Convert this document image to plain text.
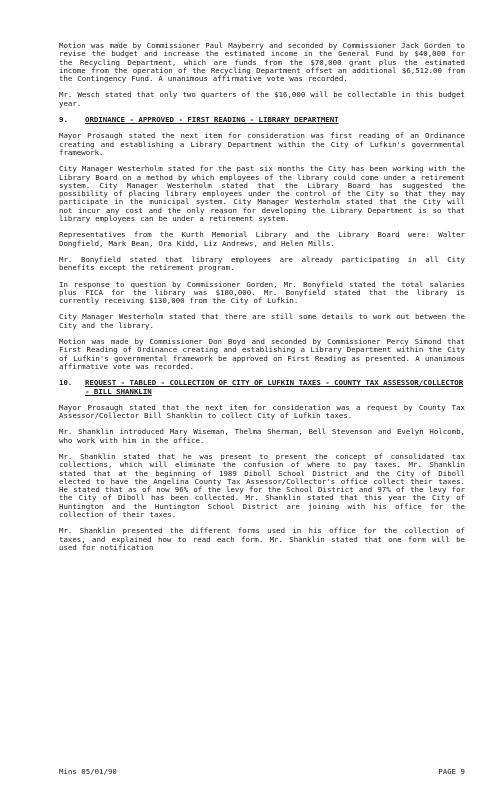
Motion was made by Commissioner Paul Mayberry and seconded by Commissioner Jack Gorden to revise the budget and increase the estimated income in the General Fund by $40,000 for the Recycling Department, which are funds from the $70,000 grant plus the estimated income from the operation of the Recycling Department offset an additional $6,512.00 from the Contingency Fund. A unanimous affirmative vote was recorded.

Mr. Wesch stated that only two quarters of the $16,000 will be collectable in this budget year.

9.	ORDINANCE - APPROVED - FIRST READING - LIBRARY DEPARTMENT

Mayor Prosaugh stated the next item for consideration was first reading of an Ordinance creating and establishing a Library Department within the City of Lufkin's governmental framework.

City Manager Westerholm stated for the past six months the City has been working with the Library Board on a method by which employees of the library could come under a retirement system. City Manager Westerholm stated that the Library Board has suggested the possibility of placing library employees under the control of the City so that they may participate in the municipal system. City Manager Westerholm stated that the City will not incur any cost and the only reason for developing the Library Department is so that library employees can be under a retirement system.

Representatives from the Kurth Memorial Library and the Library Board were: Walter Dongfield, Mark Bean, Ora Kidd, Liz Andrews, and Helen Mills.

Mr. Bonyfield stated that library employees are already participating in all City benefits except the retirement program.

In response to question by Commissioner Gorden, Mr. Bonyfield stated the total salaries plus FICA for the library was $180,000. Mr. Bonyfield stated that the library is currently receiving $130,000 from the City of Lufkin.

City Manager Westerholm stated that there are still some details to work out between the City and the library.

Motion was made by Commissioner Don Boyd and seconded by Commissioner Percy Simond that First Reading of Ordinance creating and establishing a Library Department within the City of Lufkin's governmental framework be approved on First Reading as presented. A unanimous affirmative vote was recorded.

10.	REQUEST - TABLED - COLLECTION OF CITY OF LUFKIN TAXES - COUNTY TAX ASSESSOR/COLLECTOR - BILL SHANKLIN

Mayor Prosaugh stated that the next item for consideration was a request by County Tax Assessor/Collector Bill Shanklin to collect City of Lufkin taxes.

Mr. Shanklin introduced Mary Wiseman, Thelma Sherman, Bell Stevenson and Evelyn Holcomb, who work with him in the office.

Mr. Shanklin stated that he was present to present the concept of consolidated tax collections, which will eliminate the confusion of where to pay taxes. Mr. Shanklin stated that at the beginning of 1989 Diboll School District and the City of Diboll elected to have the Angelina County Tax Assessor/Collector's office collect their taxes. He stated that as of now 96% of the levy for the School District and 97% of the levy for the City of Diboll has been collected. Mr. Shanklin stated that this year the City of Huntington and the Huntington School District are joining with his office for the collection of their taxes.

Mr. Shanklin presented the different forms used in his office for the collection of taxes, and explained how to read each form. Mr. Shanklin stated that one form will be used for notification

Mins 05/01/90	PAGE 9
